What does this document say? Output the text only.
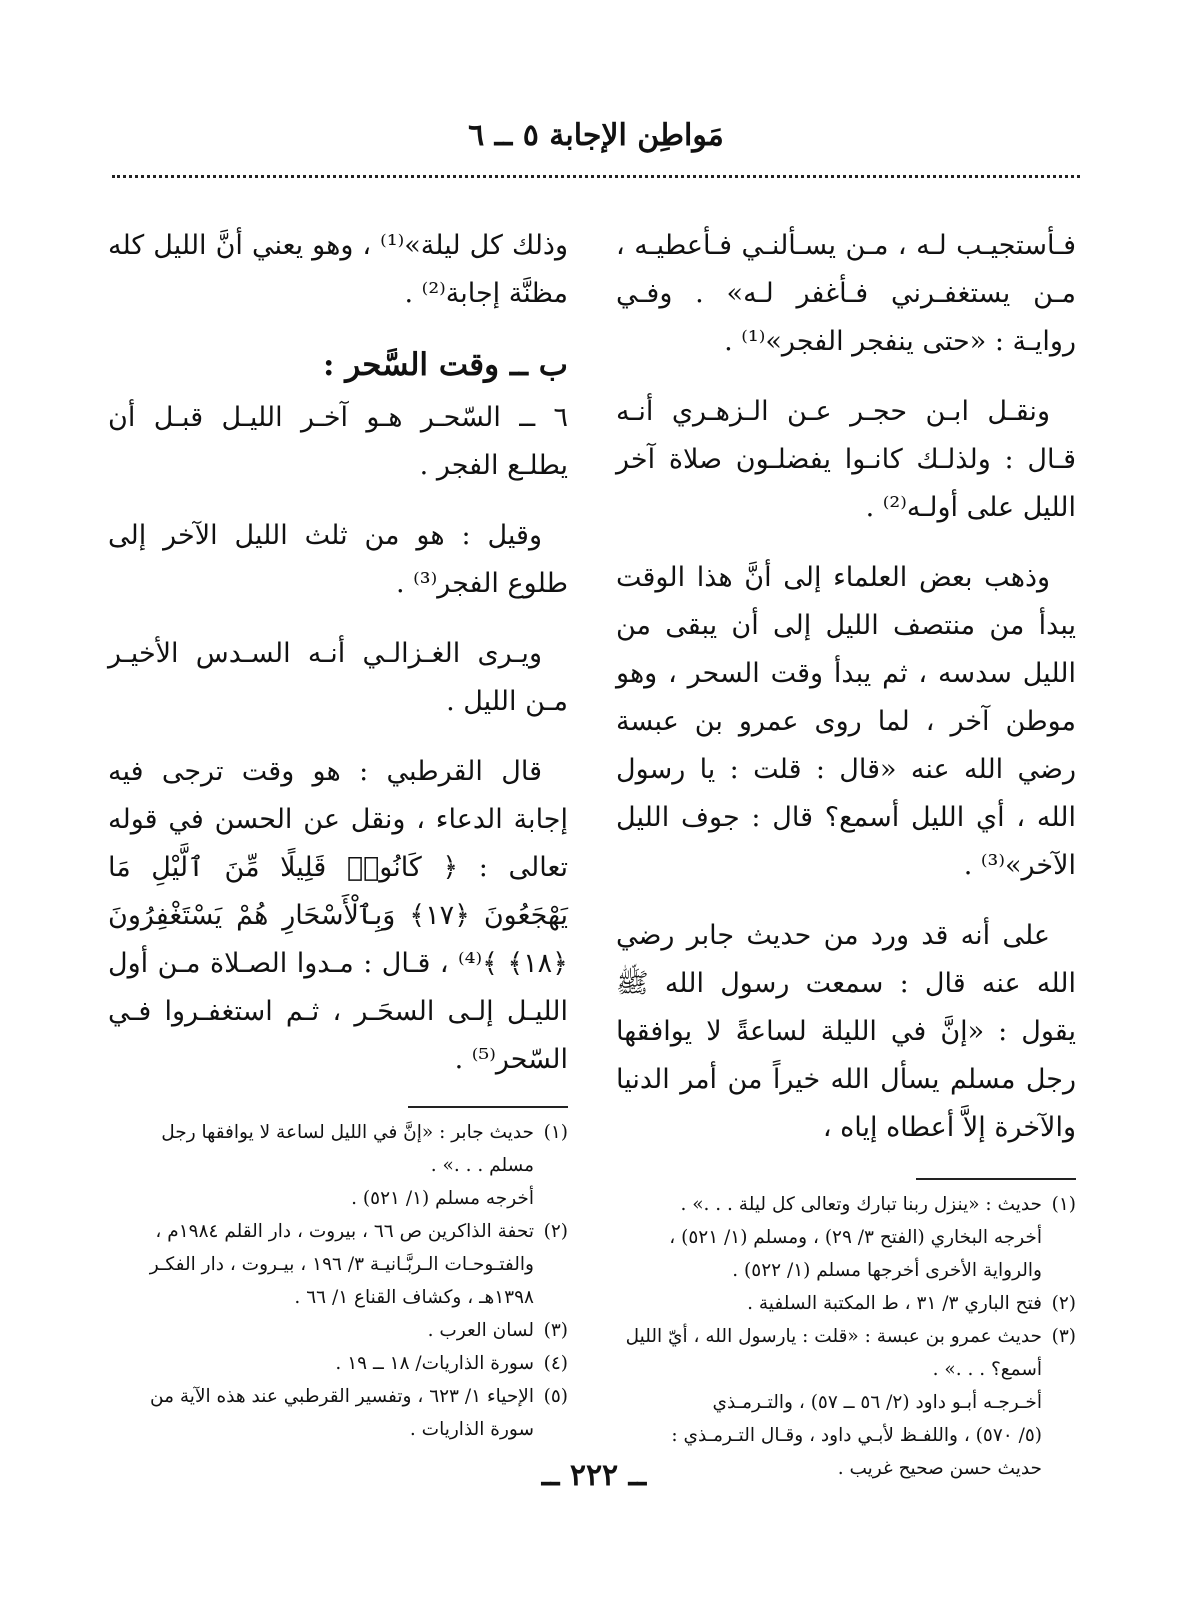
مَواطِن الإجابة ٥ ــ ٦

فـأستجيـب لـه ، مـن يسـألنـي فـأعطيـه ، مـن يستغفـرني فـأغفر لـه» . وفـي روايـة : «حتى ينفجر الفجر»⁽¹⁾ .

ونقـل ابـن حجـر عـن الـزهـري أنـه قـال : ولذلـك كانـوا يفضلـون صلاة آخر الليل على أولـه⁽²⁾ .

وذهب بعض العلماء إلى أنَّ هذا الوقت يبدأ من منتصف الليل إلى أن يبقى من الليل سدسه ، ثم يبدأ وقت السحر ، وهو موطن آخر ، لما روى عمرو بن عبسة رضي الله عنه «قال : قلت : يا رسول الله ، أي الليل أسمع؟ قال : جوف الليل الآخر»⁽³⁾ .

على أنه قد ورد من حديث جابر رضي الله عنه قال : سمعت رسول الله ﷺ يقول : «إنَّ في الليلة لساعةً لا يوافقها رجل مسلم يسأل الله خيراً من أمر الدنيا والآخرة إلاَّ أعطاه إياه ،

(١)
حديث : «ينزل ربنا تبارك وتعالى كل ليلة . . .» .
أخرجه البخاري (الفتح ٣/ ٢٩) ، ومسلم (١/ ٥٢١) ،
والرواية الأخرى أخرجها مسلم (١/ ٥٢٢) .
(٢)
فتح الباري ٣/ ٣١ ، ط المكتبة السلفية .
(٣)
حديث عمرو بن عبسة : «قلت : يارسول الله ، أيّ الليل
أسمع؟ . . .» .
أخـرجـه أبـو داود (٢/ ٥٦ ــ ٥٧) ، والتـرمـذي
(٥/ ٥٧٠) ، واللفـظ لأبـي داود ، وقـال التـرمـذي :
حديث حسن صحيح غريب .

وذلك كل ليلة»⁽¹⁾ ، وهو يعني أنَّ الليل كله مظنَّة إجابة⁽²⁾ .

ب ــ وقت السَّحر :

٦ ــ السّحـر هـو آخـر الليـل قبـل أن يطلـع الفجر .

وقيل : هو من ثلث الليل الآخر إلى طلوع الفجر⁽³⁾ .

ويـرى الغـزالـي أنـه السـدس الأخيـر مـن الليل .

قال القرطبي : هو وقت ترجى فيه إجابة الدعاء ، ونقل عن الحسن في قوله تعالى : ﴿ كَانُوا۟ قَلِيلًا مِّنَ ٱلَّيْلِ مَا يَهْجَعُونَ ﴿١٧﴾ وَبِٱلْأَسْحَارِ هُمْ يَسْتَغْفِرُونَ ﴿١٨﴾ ﴾⁽⁴⁾ ، قـال : مـدوا الصـلاة مـن أول الليـل إلـى السحَـر ، ثـم استغفـروا فـي السّحر⁽⁵⁾ .

(١)
حديث جابر : «إنَّ في الليل لساعة لا يوافقها رجل
مسلم . . .» .
أخرجه مسلم (١/ ٥٢١) .
(٢)
تحفة الذاكرين ص ٦٦ ، بيروت ، دار القلم ١٩٨٤م ،
والفتـوحـات الـربَّـانيـة ٣/ ١٩٦ ، بيـروت ، دار الفكـر
١٣٩٨هـ ، وكشاف القناع ١/ ٦٦ .
(٣)
لسان العرب .
(٤)
سورة الذاريات/ ١٨ ــ ١٩ .
(٥)
الإحياء ١/ ٦٢٣ ، وتفسير القرطبي عند هذه الآية من
سورة الذاريات .
ــ ٢٢٢ ــ
